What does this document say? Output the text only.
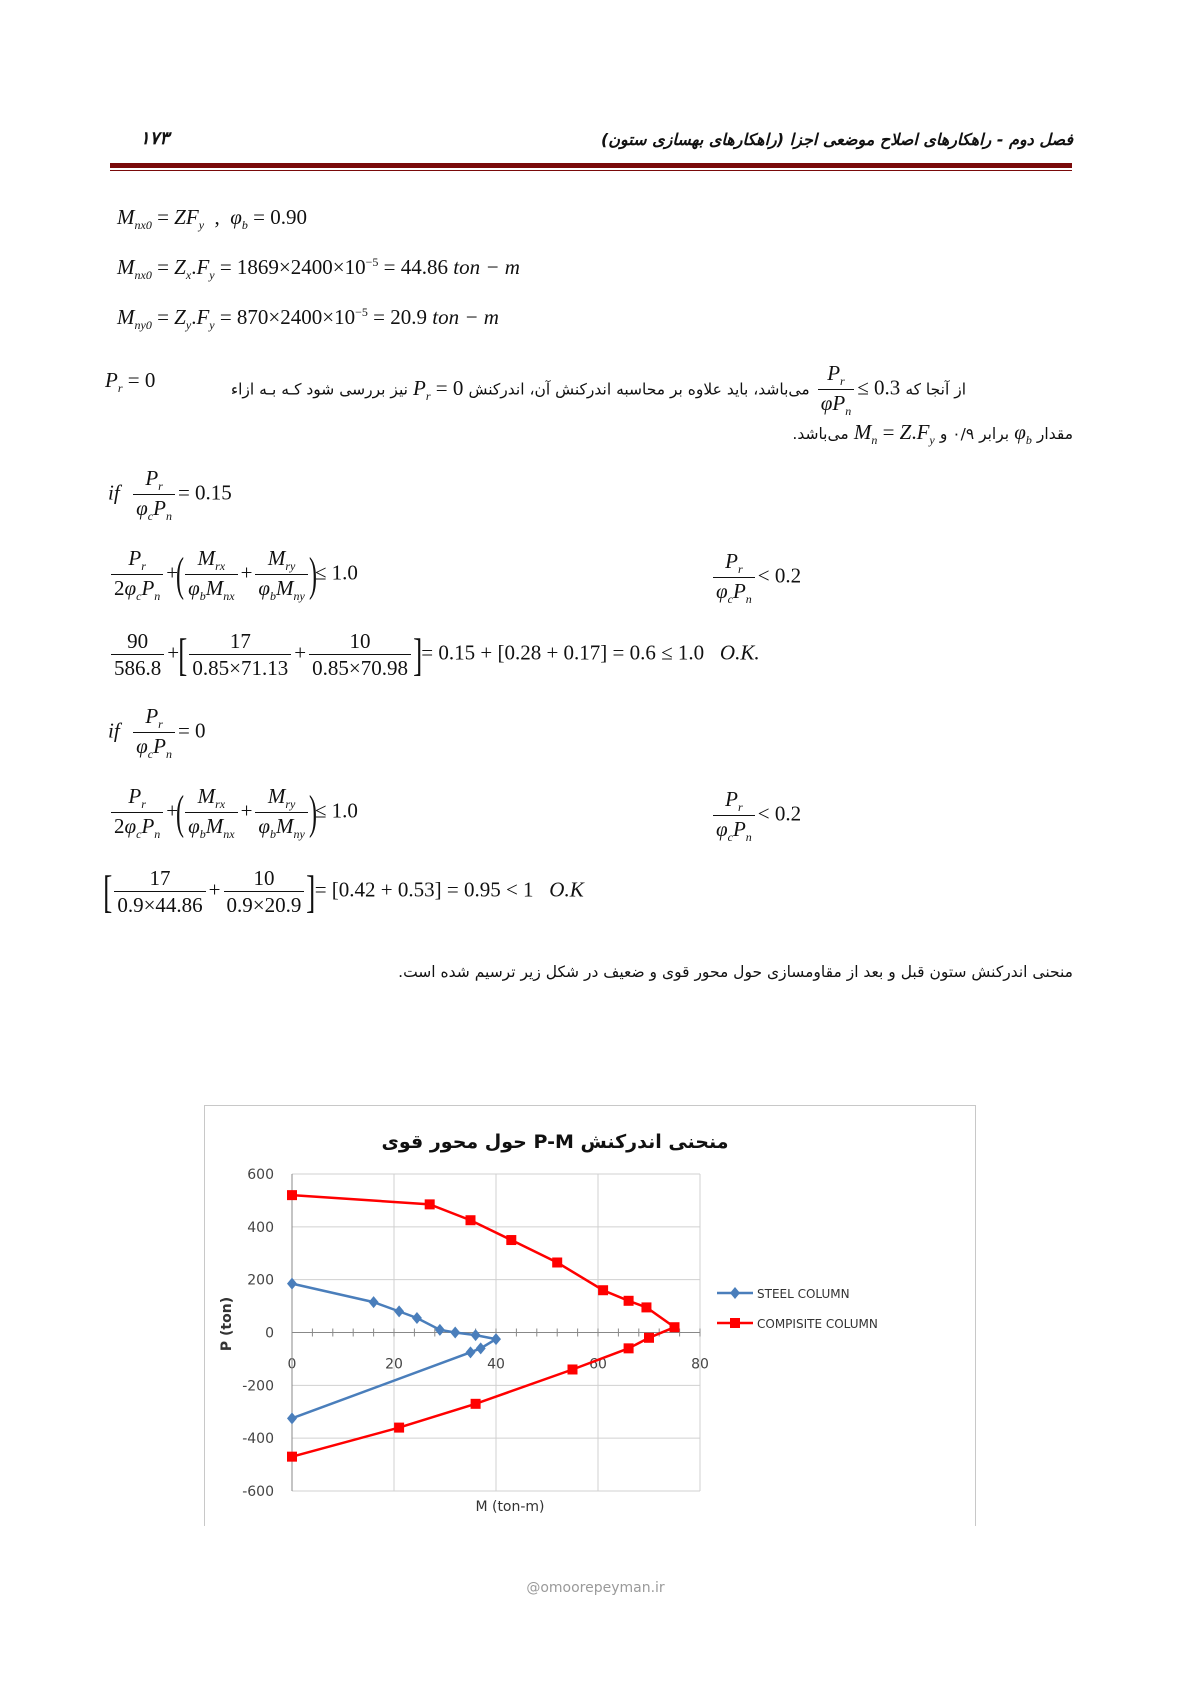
فصل دوم - راهکارهای اصلاح موضعی اجزا (راهکارهای بهسازی ستون)
۱۷۳
$M_{nx0} = ZF_y$  ,  $\varphi_b = 0.90$
$M_{nx0} = Z_x.F_y = 1869\times 2400\times 10^{-5} = 44.86$ ton − m
$M_{ny0} = Z_y.F_y = 870\times 2400\times 10^{-5} = 20.9$ ton − m
از آنجا که
$\frac{P_r}{\varphi P_n} \le 0.3$ می‌باشد، باید علاوه بر محاسبه اندرکنش آن، اندرکنش $P_r = 0$ نیز بررسی شود کـه بـه ازاء
$P_r = 0$
مقدار $\varphi_b$ برابر ۰/۹ و $M_n = Z.F_y$ می‌باشد.
if $\frac{P_r}{\varphi_cP_n} = 0.15$
$\frac{P_r}{2\varphi_cP_n}$ +( $\frac{M_{rx}}{\varphi_bM_{nx}} + \frac{M_{ry}}{\varphi_bM_{ny}}$ )≤ 1.0	$\frac{P_r}{\varphi_cP_n} < 0.2$
$\frac{90}{586.8}$ +[ $\frac{17}{0.85\times 71.13} + \frac{10}{0.85\times 70.98}$ ]= 0.15 + [0.28 + 0.17] = 0.6 ≤ 1.0   O.K.
if $\frac{P_r}{\varphi_cP_n} = 0$
$\frac{P_r}{2\varphi_cP_n}$ +( $\frac{M_{rx}}{\varphi_bM_{nx}} + \frac{M_{ry}}{\varphi_bM_{ny}}$ )≤ 1.0	$\frac{P_r}{\varphi_cP_n} < 0.2$
[ $\frac{17}{0.9\times 44.86} + \frac{10}{0.9\times 20.9}$ ]= [0.42 + 0.53] = 0.95 < 1   O.K
منحنی اندرکنش ستون قبل و بعد از مقاومسازی حول محور قوی و ضعیف در شکل زیر ترسیم شده است.
600
400
200
0
-200
-400
-600
0	20	40	60	80
منحنی اندرکنش P-M حول محور قوی
P (ton)
M (ton-m)
STEEL COLUMN
COMPISITE COLUMN
@omoorepeyman.ir
